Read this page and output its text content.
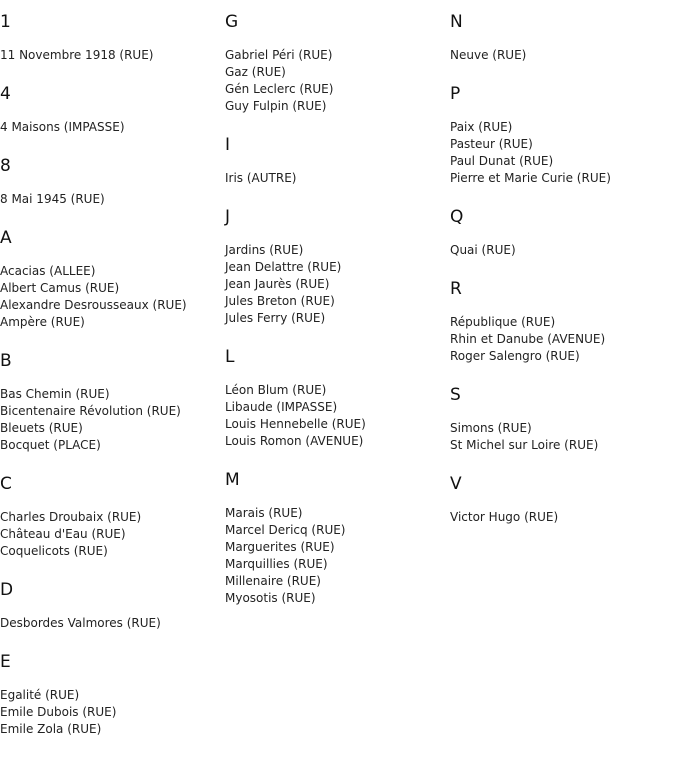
1
11 Novembre 1918 (RUE)
4
4 Maisons (IMPASSE)
8
8 Mai 1945 (RUE)
A
Acacias (ALLEE)
Albert Camus (RUE)
Alexandre Desrousseaux (RUE)
Ampère (RUE)
B
Bas Chemin (RUE)
Bicentenaire Révolution (RUE)
Bleuets (RUE)
Bocquet (PLACE)
C
Charles Droubaix (RUE)
Château d'Eau (RUE)
Coquelicots (RUE)
D
Desbordes Valmores (RUE)
E
Egalité (RUE)
Emile Dubois (RUE)
Emile Zola (RUE)
G
Gabriel Péri (RUE)
Gaz (RUE)
Gén Leclerc (RUE)
Guy Fulpin (RUE)
I
Iris (AUTRE)
J
Jardins (RUE)
Jean Delattre (RUE)
Jean Jaurès (RUE)
Jules Breton (RUE)
Jules Ferry (RUE)
L
Léon Blum (RUE)
Libaude (IMPASSE)
Louis Hennebelle (RUE)
Louis Romon (AVENUE)
M
Marais (RUE)
Marcel Dericq (RUE)
Marguerites (RUE)
Marquillies (RUE)
Millenaire (RUE)
Myosotis (RUE)
N
Neuve (RUE)
P
Paix (RUE)
Pasteur (RUE)
Paul Dunat (RUE)
Pierre et Marie Curie (RUE)
Q
Quai (RUE)
R
République (RUE)
Rhin et Danube (AVENUE)
Roger Salengro (RUE)
S
Simons (RUE)
St Michel sur Loire (RUE)
V
Victor Hugo (RUE)
